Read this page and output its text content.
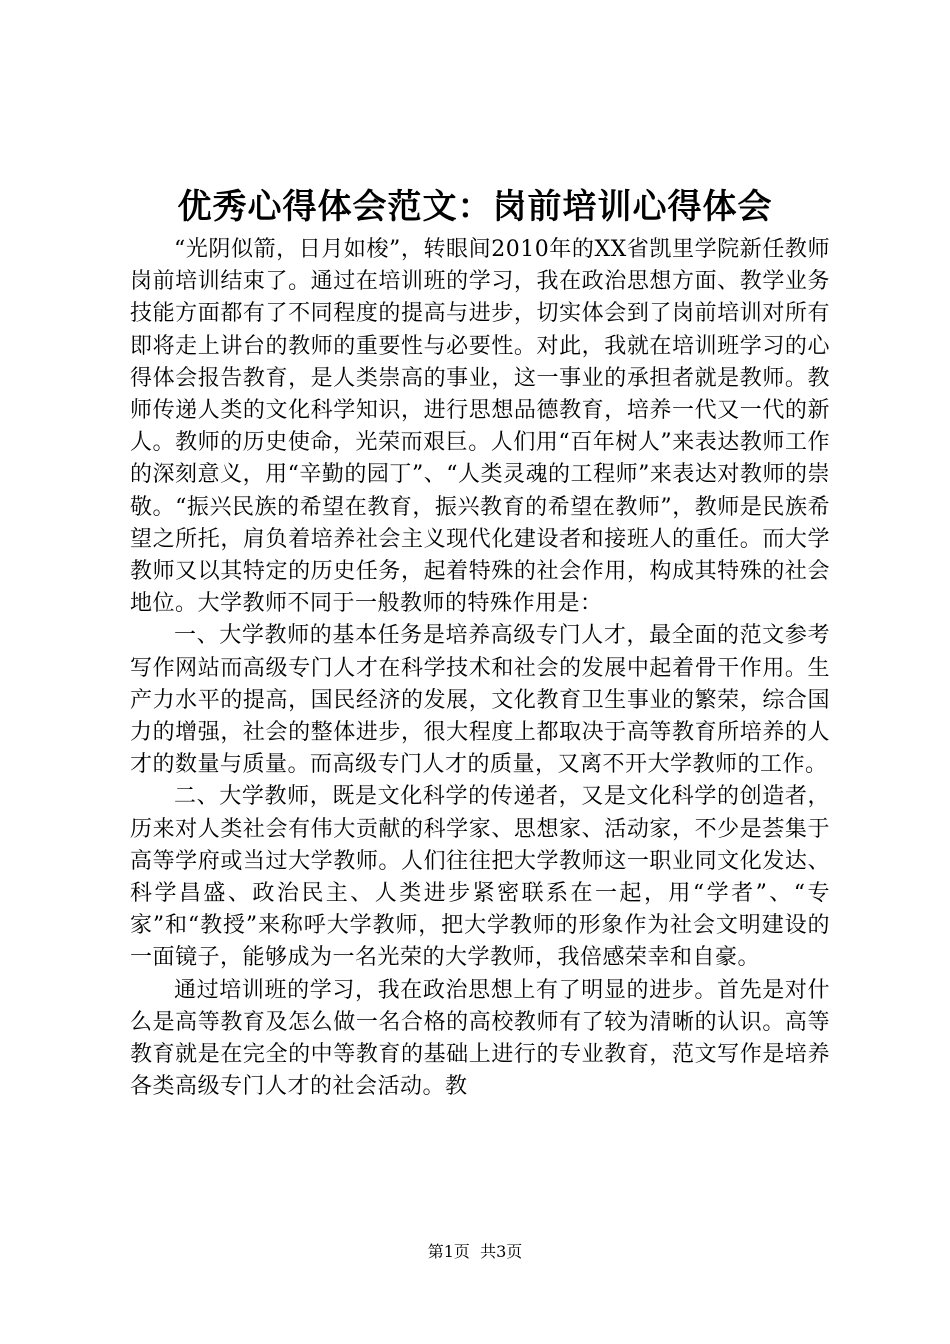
优秀心得体会范文：岗前培训心得体会

“光阴似箭，日月如梭”，转眼间2010年的XX省凯里学院新任教师岗前培训结束了。通过在培训班的学习，我在政治思想方面、教学业务技能方面都有了不同程度的提高与进步，切实体会到了岗前培训对所有即将走上讲台的教师的重要性与必要性。对此，我就在培训班学习的心得体会报告教育，是人类崇高的事业，这一事业的承担者就是教师。教师传递人类的文化科学知识，进行思想品德教育，培养一代又一代的新人。教师的历史使命，光荣而艰巨。人们用“百年树人”来表达教师工作的深刻意义，用“辛勤的园丁”、“人类灵魂的工程师”来表达对教师的崇敬。“振兴民族的希望在教育，振兴教育的希望在教师”，教师是民族希望之所托，肩负着培养社会主义现代化建设者和接班人的重任。而大学教师又以其特定的历史任务，起着特殊的社会作用，构成其特殊的社会地位。大学教师不同于一般教师的特殊作用是：

一、大学教师的基本任务是培养高级专门人才，最全面的范文参考写作网站而高级专门人才在科学技术和社会的发展中起着骨干作用。生产力水平的提高，国民经济的发展，文化教育卫生事业的繁荣，综合国力的增强，社会的整体进步，很大程度上都取决于高等教育所培养的人才的数量与质量。而高级专门人才的质量，又离不开大学教师的工作。

二、大学教师，既是文化科学的传递者，又是文化科学的创造者，历来对人类社会有伟大贡献的科学家、思想家、活动家，不少是荟集于高等学府或当过大学教师。人们往往把大学教师这一职业同文化发达、科学昌盛、政治民主、人类进步紧密联系在一起，用“学者”、“专家”和“教授”来称呼大学教师，把大学教师的形象作为社会文明建设的一面镜子，能够成为一名光荣的大学教师，我倍感荣幸和自豪。

通过培训班的学习，我在政治思想上有了明显的进步。首先是对什么是高等教育及怎么做一名合格的高校教师有了较为清晰的认识。高等教育就是在完全的中等教育的基础上进行的专业教育，范文写作是培养各类高级专门人才的社会活动。教

第1页 共3页
